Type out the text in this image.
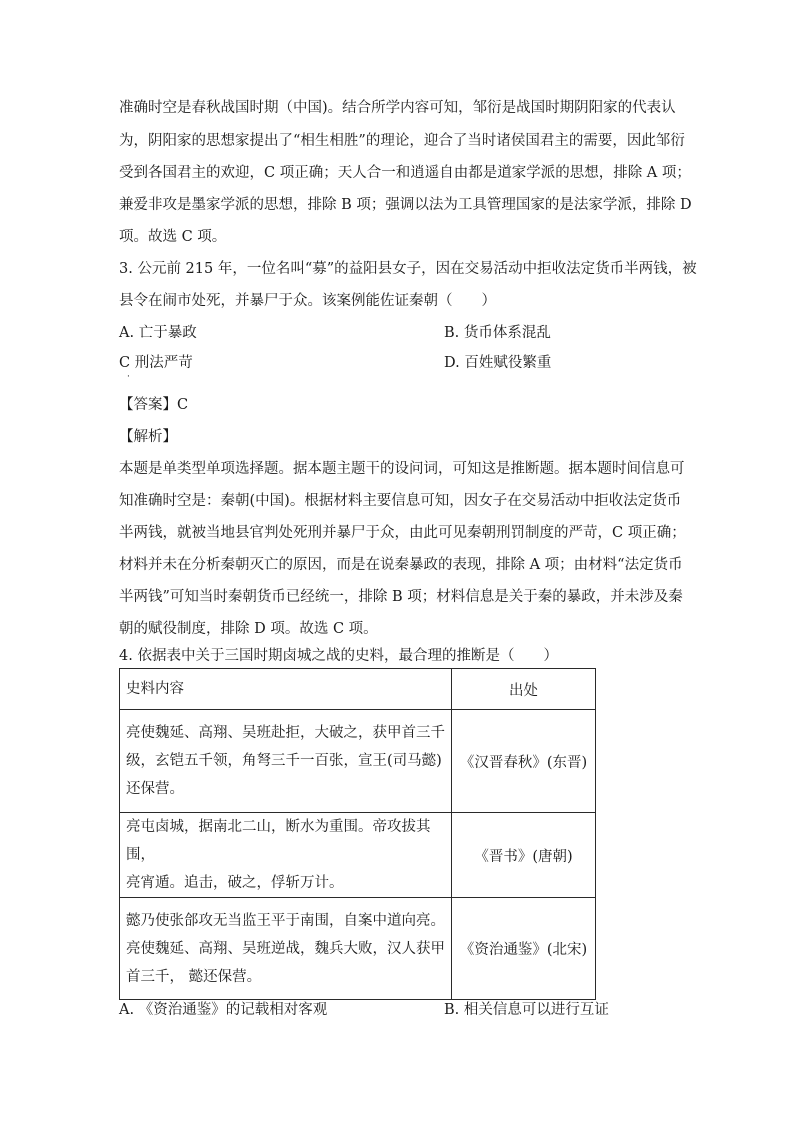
准确时空是春秋战国时期（中国)。结合所学内容可知，邹衍是战国时期阴阳家的代表认
为，阴阳家的思想家提出了“相生相胜”的理论，迎合了当时诸侯国君主的需要，因此邹衍
受到各国君主的欢迎，C 项正确；天人合一和逍遥自由都是道家学派的思想，排除 A 项；
兼爱非攻是墨家学派的思想，排除 B 项；强调以法为工具管理国家的是法家学派，排除 D
项。故选 C 项。
3. 公元前 215 年，一位名叫“募”的益阳县女子，因在交易活动中拒收法定货币半两钱，被
县令在闹市处死，并暴尸于众。该案例能佐证秦朝（　　）
A. 亡于暴政	B. 货币体系混乱
C 刑法严苛	D. 百姓赋役繁重
·
【答案】C
【解析】
本题是单类型单项选择题。据本题主题干的设问词，可知这是推断题。据本题时间信息可
知准确时空是：秦朝(中国)。根据材料主要信息可知，因女子在交易活动中拒收法定货币
半两钱，就被当地县官判处死刑并暴尸于众，由此可见秦朝刑罚制度的严苛，C 项正确；
材料并未在分析秦朝灭亡的原因，而是在说秦暴政的表现，排除 A 项；由材料“法定货币
半两钱”可知当时秦朝货币已经统一，排除 B 项；材料信息是关于秦的暴政，并未涉及秦
朝的赋役制度，排除 D 项。故选 C 项。
4. 依据表中关于三国时期卤城之战的史料，最合理的推断是（　　）
史料内容	出处

亮使魏延、高翔、吴班赴拒，大破之，获甲首三千
级，玄铠五千领，角弩三千一百张，宣王(司马懿)
还保营。	《汉晋春秋》(东晋)

亮屯卤城，据南北二山，断水为重围。帝攻拔其围，
亮宵遁。追击，破之，俘斩万计。	《晋书》(唐朝)

懿乃使张郃攻无当监王平于南围，自案中道向亮。
亮使魏延、高翔、吴班逆战，魏兵大败，汉人获甲
首三千， 懿还保营。	《资治通鉴》(北宋)
A. 《资治通鉴》的记载相对客观	B. 相关信息可以进行互证
